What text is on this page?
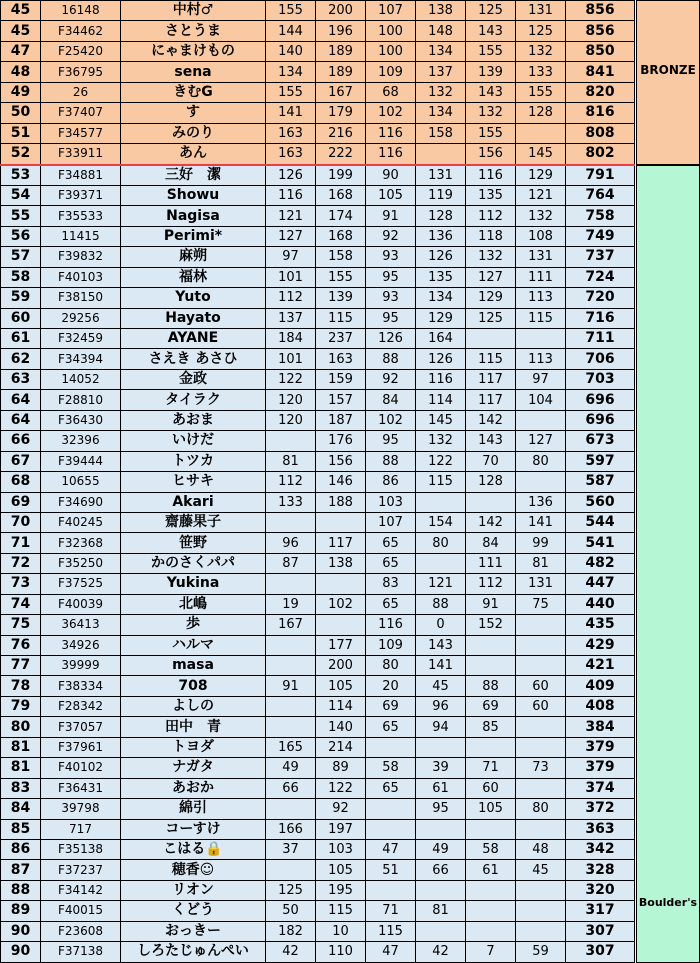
45	16148	中村♂	155	200	107	138	125	131	856
45	F34462	さとうま	144	196	100	148	143	125	856
47	F25420	にゃまけもの	140	189	100	134	155	132	850
48	F36795	sena	134	189	109	137	139	133	841
49	26	きむG	155	167	68	132	143	155	820
50	F37407	す	141	179	102	134	132	128	816
51	F34577	みのり	163	216	116	158	155		808
52	F33911	あん	163	222	116		156	145	802
53	F34881	三好　潔	126	199	90	131	116	129	791
54	F39371	Showu	116	168	105	119	135	121	764
55	F35533	Nagisa	121	174	91	128	112	132	758
56	11415	Perimi*	127	168	92	136	118	108	749
57	F39832	麻朔	97	158	93	126	132	131	737
58	F40103	福林	101	155	95	135	127	111	724
59	F38150	Yuto	112	139	93	134	129	113	720
60	29256	Hayato	137	115	95	129	125	115	716
61	F32459	AYANE	184	237	126	164			711
62	F34394	さえき あさひ	101	163	88	126	115	113	706
63	14052	金政	122	159	92	116	117	97	703
64	F28810	タイラク	120	157	84	114	117	104	696
64	F36430	あおま	120	187	102	145	142		696
66	32396	いけだ		176	95	132	143	127	673
67	F39444	トツカ	81	156	88	122	70	80	597
68	10655	ヒサキ	112	146	86	115	128		587
69	F34690	Akari	133	188	103			136	560
70	F40245	齋藤果子			107	154	142	141	544
71	F32368	笹野	96	117	65	80	84	99	541
72	F35250	かのさくパパ	87	138	65		111	81	482
73	F37525	Yukina			83	121	112	131	447
74	F40039	北嶋	19	102	65	88	91	75	440
75	36413	歩	167		116	0	152		435
76	34926	ハルマ		177	109	143			429
77	39999	masa		200	80	141			421
78	F38334	708	91	105	20	45	88	60	409
79	F28342	よしの		114	69	96	69	60	408
80	F37057	田中　青		140	65	94	85		384
81	F37961	トヨダ	165	214					379
81	F40102	ナガタ	49	89	58	39	71	73	379
83	F36431	あおか	66	122	65	61	60		374
84	39798	綿引		92		95	105	80	372
85	717	コーすけ	166	197					363
86	F35138	こはる🔒	37	103	47	49	58	48	342
87	F37237	穂香☺		105	51	66	61	45	328
88	F34142	リオン	125	195					320
89	F40015	くどう	50	115	71	81			317
90	F23608	おっきー	182	10	115				307
90	F37138	しろたじゅんぺい	42	110	47	42	7	59	307
BRONZE
Boulder's
